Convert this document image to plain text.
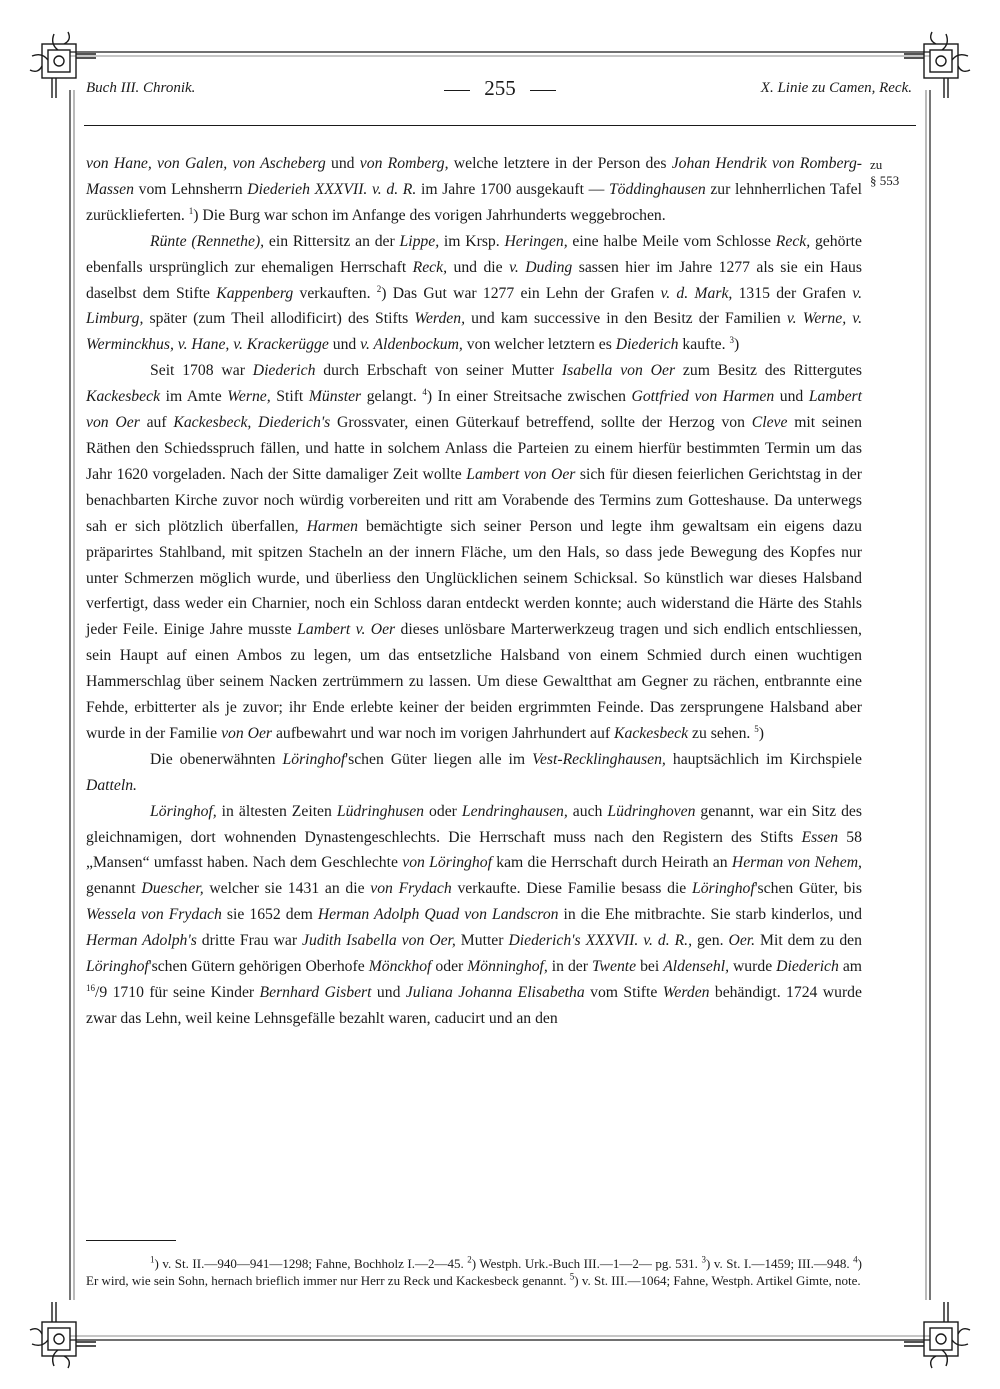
Buch III. Chronik.	255	X. Linie zu Camen, Reck.
zu
§ 553

von Hane, von Galen, von Ascheberg und von Romberg, welche letztere in der Person des Johan Hendrik von Romberg-Massen vom Lehnsherrn Diederieh XXXVII. v. d. R. im Jahre 1700 ausgekauft — Töddinghausen zur lehnherrlichen Tafel zurücklieferten. $^1$) Die Burg war schon im Anfange des vorigen Jahrhunderts weggebrochen.

Rünte (Rennethe), ein Rittersitz an der Lippe, im Krsp. Heringen, eine halbe Meile vom Schlosse Reck, gehörte ebenfalls ursprünglich zur ehemaligen Herrschaft Reck, und die v. Duding sassen hier im Jahre 1277 als sie ein Haus daselbst dem Stifte Kappenberg verkauften. $^2$) Das Gut war 1277 ein Lehn der Grafen v. d. Mark, 1315 der Grafen v. Limburg, später (zum Theil allodificirt) des Stifts Werden, und kam successive in den Besitz der Familien v. Werne, v. Werminckhus, v. Hane, v. Krackerügge und v. Aldenbockum, von welcher letztern es Diederich kaufte. $^3$)

Seit 1708 war Diederich durch Erbschaft von seiner Mutter Isabella von Oer zum Besitz des Rittergutes Kackesbeck im Amte Werne, Stift Münster gelangt. $^4$) In einer Streitsache zwischen Gottfried von Harmen und Lambert von Oer auf Kackesbeck, Diederich's Grossvater, einen Güterkauf betreffend, sollte der Herzog von Cleve mit seinen Räthen den Schiedsspruch fällen, und hatte in solchem Anlass die Parteien zu einem hierfür bestimmten Termin um das Jahr 1620 vorgeladen. Nach der Sitte damaliger Zeit wollte Lambert von Oer sich für diesen feierlichen Gerichtstag in der benachbarten Kirche zuvor noch würdig vorbereiten und ritt am Vorabende des Termins zum Gotteshause. Da unterwegs sah er sich plötzlich überfallen, Harmen bemächtigte sich seiner Person und legte ihm gewaltsam ein eigens dazu präparirtes Stahlband, mit spitzen Stacheln an der innern Fläche, um den Hals, so dass jede Bewegung des Kopfes nur unter Schmerzen möglich wurde, und überliess den Unglücklichen seinem Schicksal. So künstlich war dieses Halsband verfertigt, dass weder ein Charnier, noch ein Schloss daran entdeckt werden konnte; auch widerstand die Härte des Stahls jeder Feile. Einige Jahre musste Lambert v. Oer dieses unlösbare Marterwerkzeug tragen und sich endlich entschliessen, sein Haupt auf einen Ambos zu legen, um das entsetzliche Halsband von einem Schmied durch einen wuchtigen Hammerschlag über seinem Nacken zertrümmern zu lassen. Um diese Gewaltthat am Gegner zu rächen, entbrannte eine Fehde, erbitterter als je zuvor; ihr Ende erlebte keiner der beiden ergrimmten Feinde. Das zersprungene Halsband aber wurde in der Familie von Oer aufbewahrt und war noch im vorigen Jahrhundert auf Kackesbeck zu sehen. $^5$)

Die obenerwähnten Löringhof'schen Güter liegen alle im Vest-Recklinghausen, hauptsächlich im Kirchspiele Datteln.

Löringhof, in ältesten Zeiten Lüdringhusen oder Lendringhausen, auch Lüdringhoven genannt, war ein Sitz des gleichnamigen, dort wohnenden Dynastengeschlechts. Die Herrschaft muss nach den Registern des Stifts Essen 58 „Mansen“ umfasst haben. Nach dem Geschlechte von Löringhof kam die Herrschaft durch Heirath an Herman von Nehem, genannt Duescher, welcher sie 1431 an die von Frydach verkaufte. Diese Familie besass die Löringhof'schen Güter, bis Wessela von Frydach sie 1652 dem Herman Adolph Quad von Landscron in die Ehe mitbrachte. Sie starb kinderlos, und Herman Adolph's dritte Frau war Judith Isabella von Oer, Mutter Diederich's XXXVII. v. d. R., gen. Oer. Mit dem zu den Löringhof'schen Gütern gehörigen Oberhofe Mönckhof oder Mönninghof, in der Twente bei Aldensehl, wurde Diederich am $^{16}$/9 1710 für seine Kinder Bernhard Gisbert und Juliana Johanna Elisabetha vom Stifte Werden behändigt. 1724 wurde zwar das Lehn, weil keine Lehnsgefälle bezahlt waren, caducirt und an den

$^1$) v. St. II.—940—941—1298; Fahne, Bochholz I.—2—45. $^2$) Westph. Urk.-Buch III.—1—2— pg. 531. $^3$) v. St. I.—1459; III.—948. $^4$) Er wird, wie sein Sohn, hernach brieflich immer nur Herr zu Reck und Kackesbeck genannt. $^5$) v. St. III.—1064; Fahne, Westph. Artikel Gimte, note.
